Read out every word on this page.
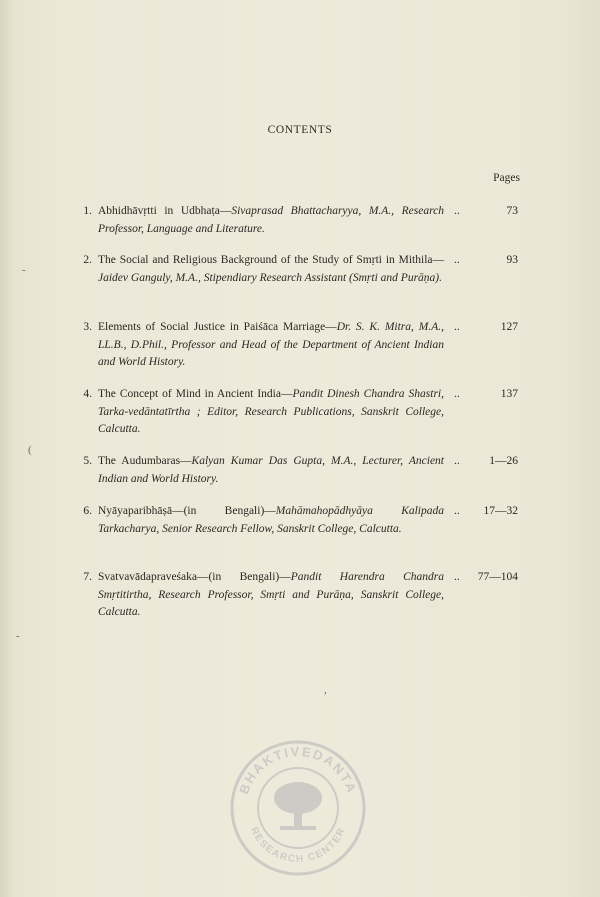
CONTENTS
Pages
1. Abhidhāvṛtti in Udbhaṭa—Sivaprasad Bhattacharyya, M.A., Research Professor, Language and Literature.
..	73
2. The Social and Religious Background of the Study of Smṛti in Mithila—Jaidev Ganguly, M.A., Stipendiary Research Assistant (Smṛti and Purāṇa).
..	93
3. Elements of Social Justice in Paiśāca Marriage—Dr. S. K. Mitra, M.A., LL.B., D.Phil., Professor and Head of the Department of Ancient Indian and World History.
..	127
4. The Concept of Mind in Ancient India—Pandit Dinesh Chandra Shastri, Tarka-vedāntatīrtha ; Editor, Research Publications, Sanskrit College, Calcutta.
..	137
5. The Audumbaras—Kalyan Kumar Das Gupta, M.A., Lecturer, Ancient Indian and World History.
..	1—26
6. Nyāyaparibhāṣā—(in Bengali)—Mahāmahopādhyāya Kalipada Tarkacharya, Senior Research Fellow, Sanskrit College, Calcutta.
..	17—32
7. Svatvavādapraveśaka—(in Bengali)—Pandit Harendra Chandra Smṛtitirtha, Research Professor, Smṛti and Purāṇa, Sanskrit College, Calcutta.
..	77—104
-
(
-
,
BHAKTIVEDANTA
RESEARCH CENTER
